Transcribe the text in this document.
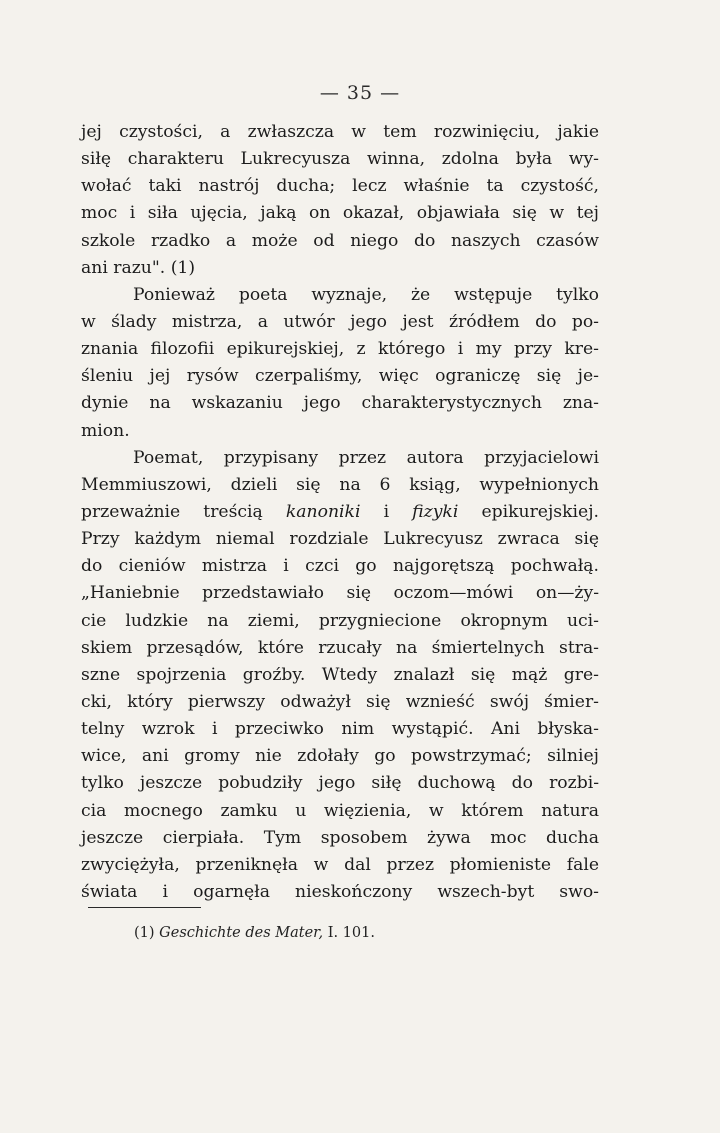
— 35 —
jej czystości, a zwłaszcza w tem rozwinięciu, jakie
siłę charakteru Lukrecyusza winna, zdolna była wy-
wołać taki nastrój ducha; lecz właśnie ta czystość,
moc i siła ujęcia, jaką on okazał, objawiała się w tej
szkole rzadko a może od niego do naszych czasów
ani razu". (1)
Ponieważ poeta wyznaje, że wstępuje tylko
w ślady mistrza, a utwór jego jest źródłem do po-
znania filozofii epikurejskiej, z którego i my przy kre-
śleniu jej rysów czerpaliśmy, więc ograniczę się je-
dynie na wskazaniu jego charakterystycznych zna-
mion.
Poemat, przypisany przez autora przyjacielowi
Memmiuszowi, dzieli się na 6 ksiąg, wypełnionych
przeważnie treścią kanoniki i fizyki epikurejskiej.
Przy każdym niemal rozdziale Lukrecyusz zwraca się
do cieniów mistrza i czci go najgorętszą pochwałą.
„Haniebnie przedstawiało się oczom—mówi on—ży-
cie ludzkie na ziemi, przygniecione okropnym uci-
skiem przesądów, które rzucały na śmiertelnych stra-
szne spojrzenia groźby. Wtedy znalazł się mąż gre-
cki, który pierwszy odważył się wznieść swój śmier-
telny wzrok i przeciwko nim wystąpić. Ani błyska-
wice, ani gromy nie zdołały go powstrzymać; silniej
tylko jeszcze pobudziły jego siłę duchową do rozbi-
cia mocnego zamku u więzienia, w którem natura
jeszcze cierpiała. Tym sposobem żywa moc ducha
zwyciężyła, przeniknęła w dal przez płomieniste fale
świata i ogarnęła nieskończony wszech-byt swo-
(1) Geschichte des Mater, I. 101.
